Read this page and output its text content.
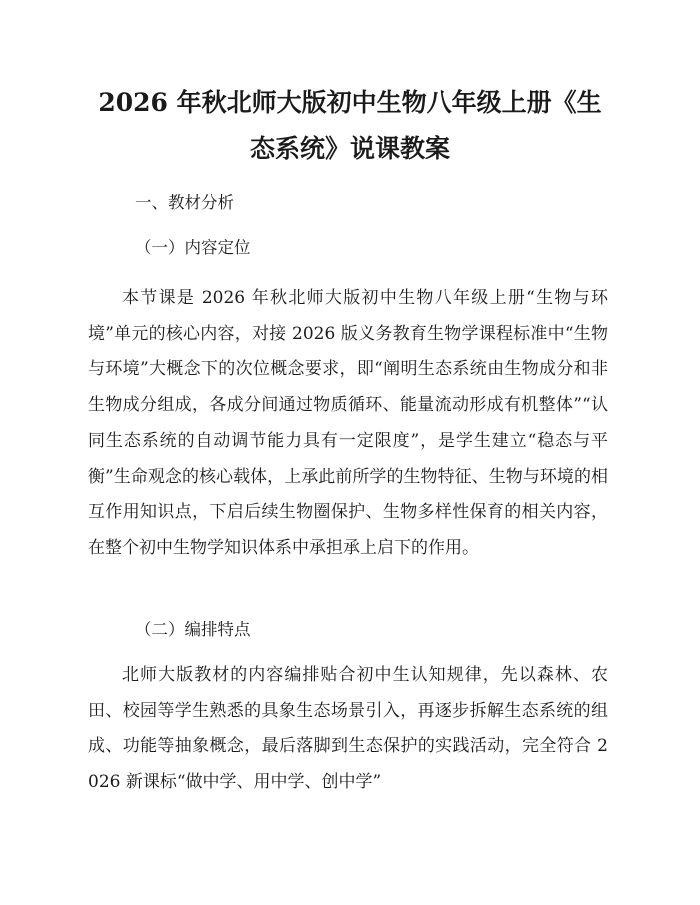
2026 年秋北师大版初中生物八年级上册《生
态系统》说课教案
一、教材分析
（一）内容定位
本节课是 2026 年秋北师大版初中生物八年级上册“生物与环境”单元的核心内容，对接 2026 版义务教育生物学课程标准中“生物与环境”大概念下的次位概念要求，即“阐明生态系统由生物成分和非生物成分组成，各成分间通过物质循环、能量流动形成有机整体”“认同生态系统的自动调节能力具有一定限度”，是学生建立“稳态与平衡”生命观念的核心载体，上承此前所学的生物特征、生物与环境的相互作用知识点，下启后续生物圈保护、生物多样性保育的相关内容，在整个初中生物学知识体系中承担承上启下的作用。
（二）编排特点
北师大版教材的内容编排贴合初中生认知规律，先以森林、农田、校园等学生熟悉的具象生态场景引入，再逐步拆解生态系统的组成、功能等抽象概念，最后落脚到生态保护的实践活动，完全符合 2026 新课标“做中学、用中学、创中学”
